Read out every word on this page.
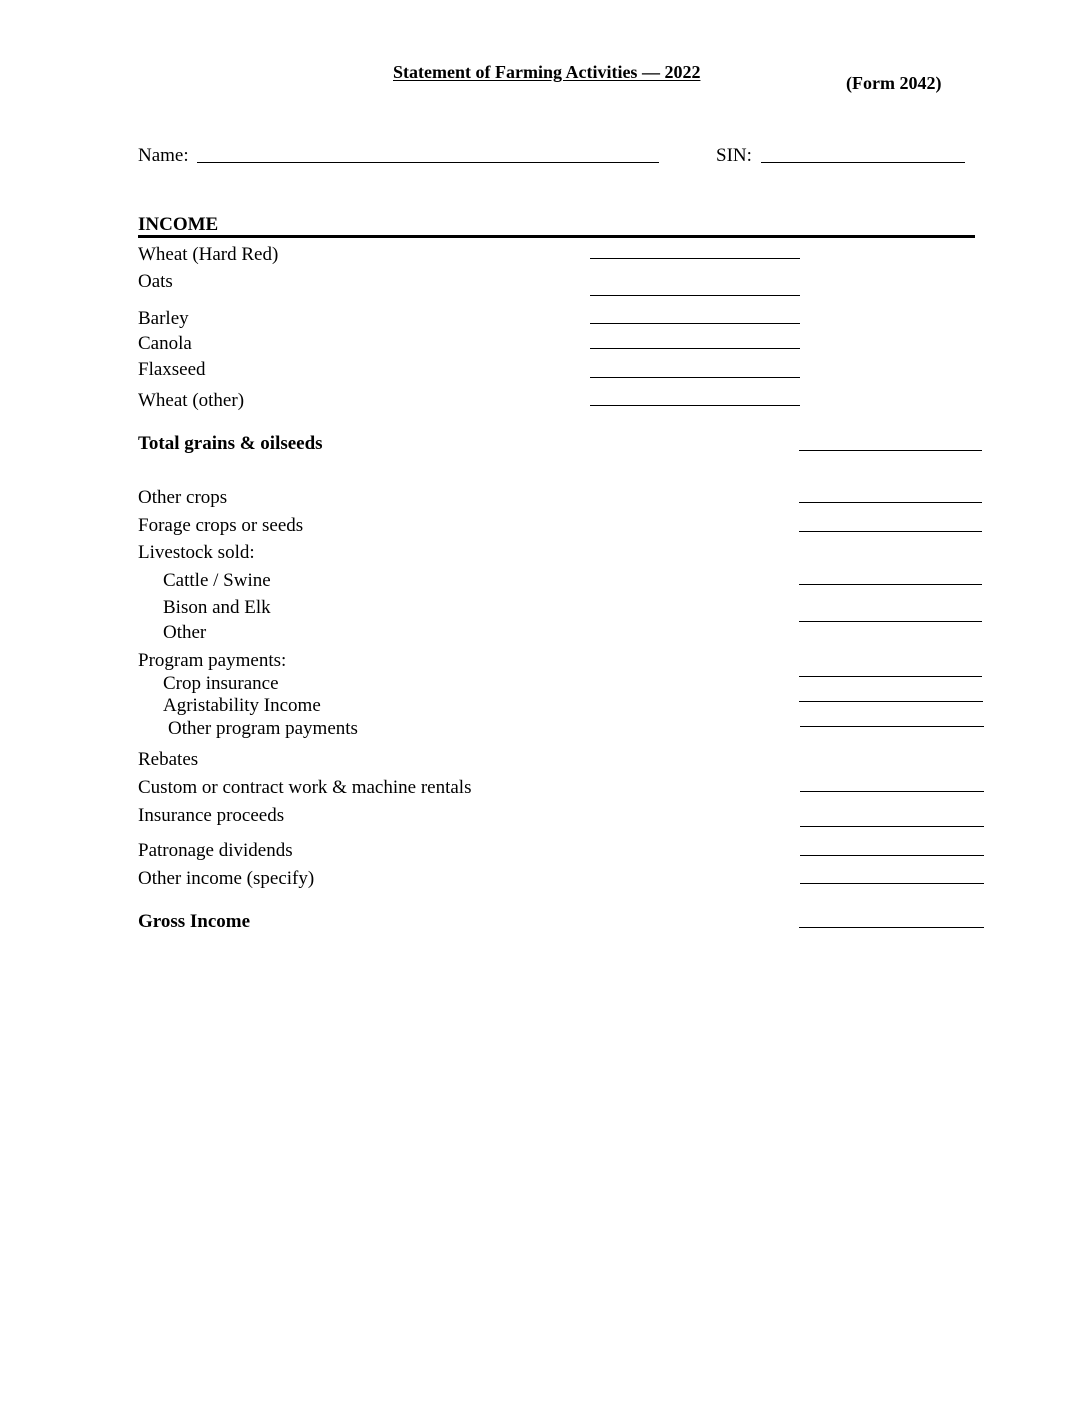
Statement of Farming Activities — 2022
(Form 2042)
Name:	SIN:
INCOME
Wheat (Hard Red)
Oats
Barley
Canola
Flaxseed
Wheat (other)
Total grains & oilseeds
Other crops
Forage crops or seeds
Livestock sold:
Cattle / Swine
Bison and Elk
Other
Program payments:
Crop insurance
Agristability Income
Other program payments
Rebates
Custom or contract work & machine rentals
Insurance proceeds
Patronage dividends
Other income (specify)
Gross Income
